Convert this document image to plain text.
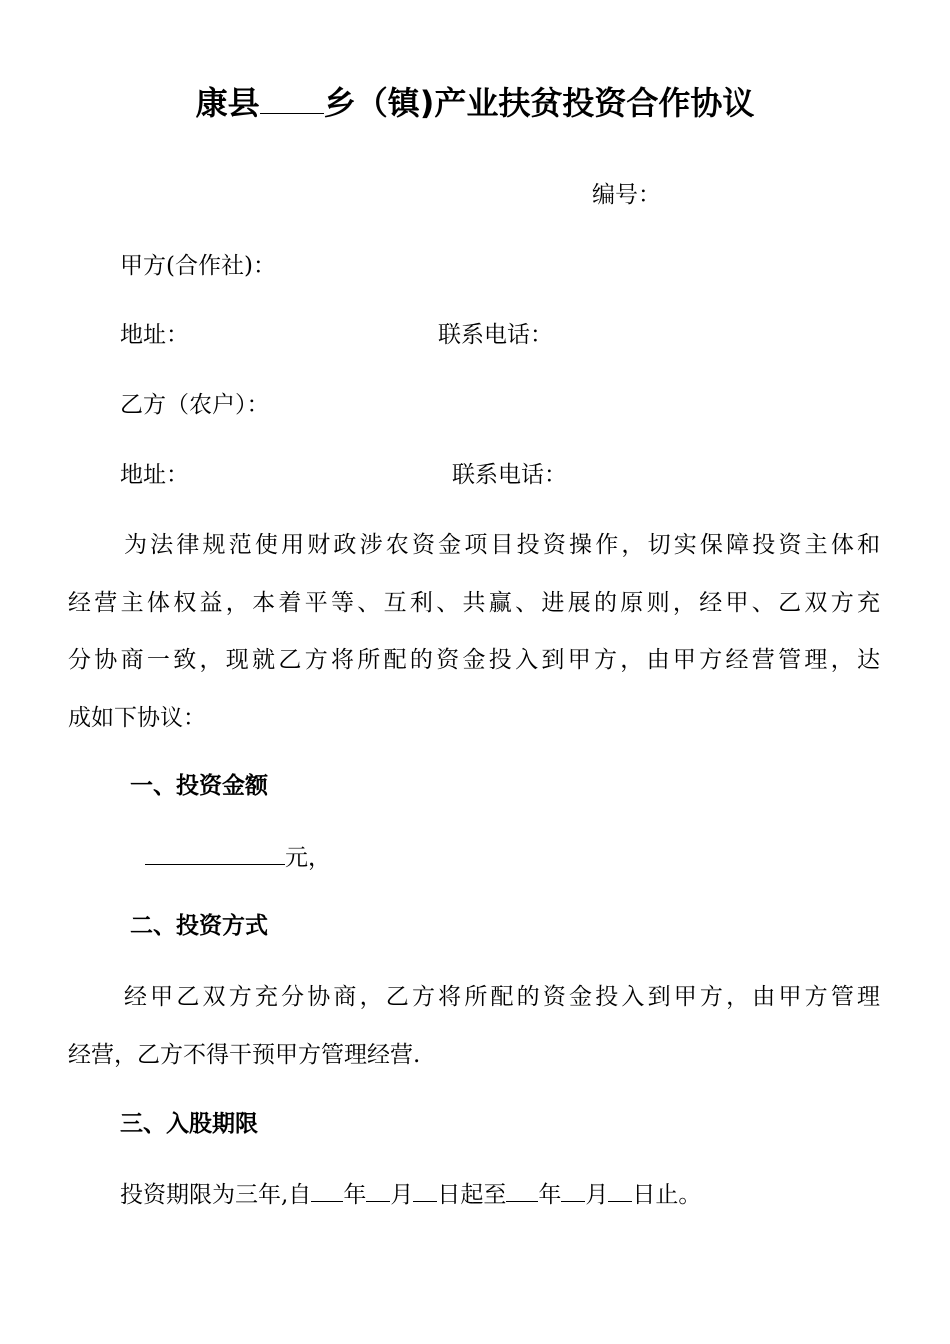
康县 乡（镇)产业扶贫投资合作协议
编号：
甲方(合作社)：
地址：	联系电话：
乙方（农户）：
地址：	联系电话：
为法律规范使用财政涉农资金项目投资操作，切实保障投资主体和
经营主体权益，本着平等、互利、共赢、进展的原则，经甲、乙双方充
分协商一致，现就乙方将所配的资金投入到甲方，由甲方经营管理，达
成如下协议：
一、投资金额
元，
二、投资方式
经甲乙双方充分协商，乙方将所配的资金投入到甲方，由甲方管理
经营，乙方不得干预甲方管理经营.
三、入股期限
投资期限为三年,自 年 月 日起至 年 月 日止。
